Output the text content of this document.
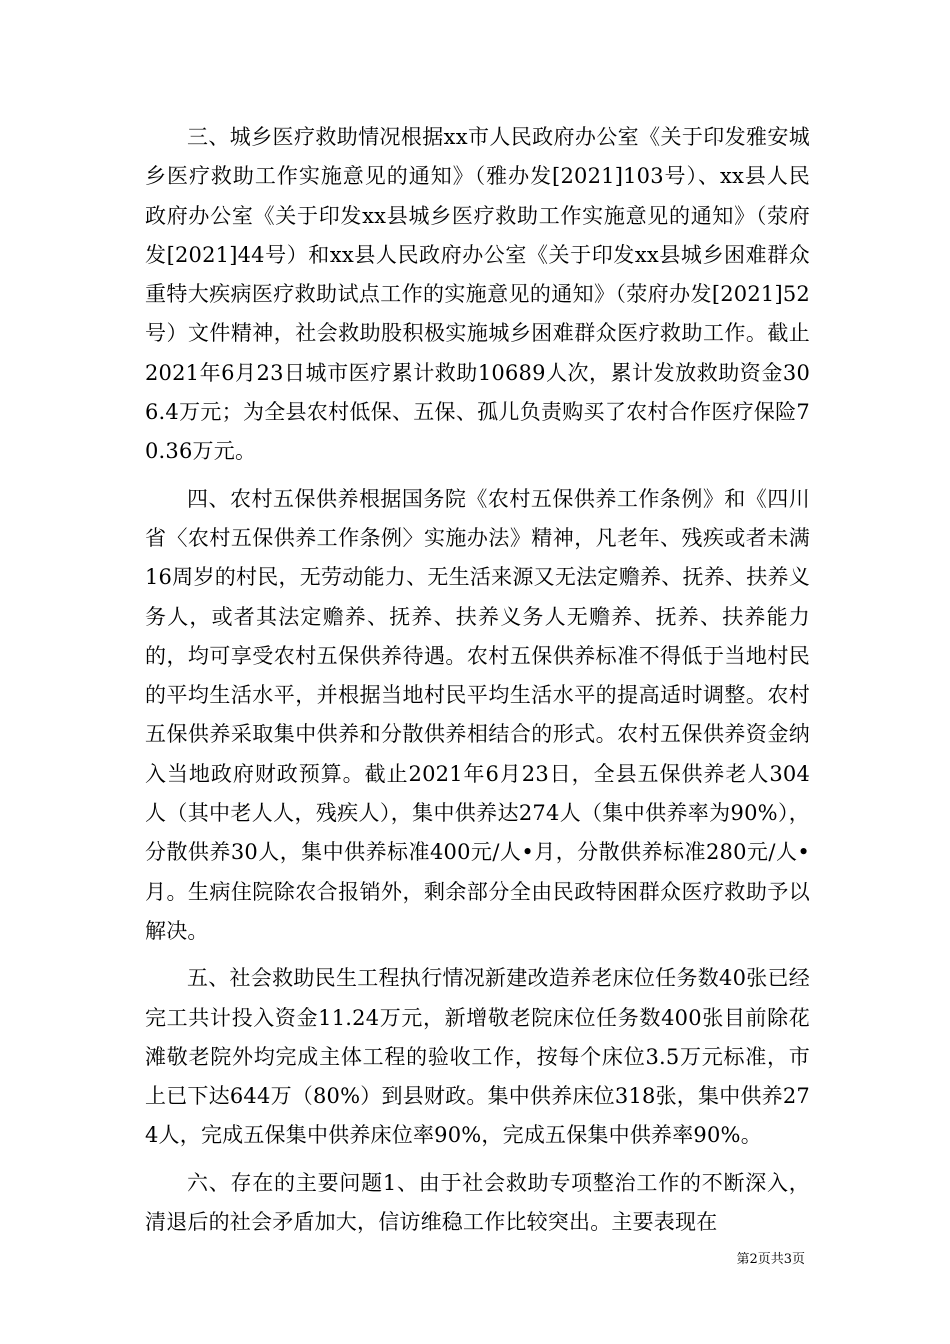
三、城乡医疗救助情况根据xx市人民政府办公室《关于印发雅安城乡医疗救助工作实施意见的通知》（雅办发[2021]103号）、xx县人民政府办公室《关于印发xx县城乡医疗救助工作实施意见的通知》（荥府发[2021]44号）和xx县人民政府办公室《关于印发xx县城乡困难群众重特大疾病医疗救助试点工作的实施意见的通知》（荥府办发[2021]52号）文件精神，社会救助股积极实施城乡困难群众医疗救助工作。截止2021年6月23日城市医疗累计救助10689人次，累计发放救助资金306.4万元；为全县农村低保、五保、孤儿负责购买了农村合作医疗保险70.36万元。

四、农村五保供养根据国务院《农村五保供养工作条例》和《四川省〈农村五保供养工作条例〉实施办法》精神，凡老年、残疾或者未满16周岁的村民，无劳动能力、无生活来源又无法定赡养、抚养、扶养义务人，或者其法定赡养、抚养、扶养义务人无赡养、抚养、扶养能力的，均可享受农村五保供养待遇。农村五保供养标准不得低于当地村民的平均生活水平，并根据当地村民平均生活水平的提高适时调整。农村五保供养采取集中供养和分散供养相结合的形式。农村五保供养资金纳入当地政府财政预算。截止2021年6月23日，全县五保供养老人304人（其中老人人，残疾人），集中供养达274人（集中供养率为90%），分散供养30人，集中供养标准400元/人•月，分散供养标准280元/人•月。生病住院除农合报销外，剩余部分全由民政特困群众医疗救助予以解决。

五、社会救助民生工程执行情况新建改造养老床位任务数40张已经完工共计投入资金11.24万元，新增敬老院床位任务数400张目前除花滩敬老院外均完成主体工程的验收工作，按每个床位3.5万元标准，市上已下达644万（80%）到县财政。集中供养床位318张，集中供养274人，完成五保集中供养床位率90%，完成五保集中供养率90%。

六、存在的主要问题1、由于社会救助专项整治工作的不断深入，清退后的社会矛盾加大，信访维稳工作比较突出。主要表现在

第2页共3页
